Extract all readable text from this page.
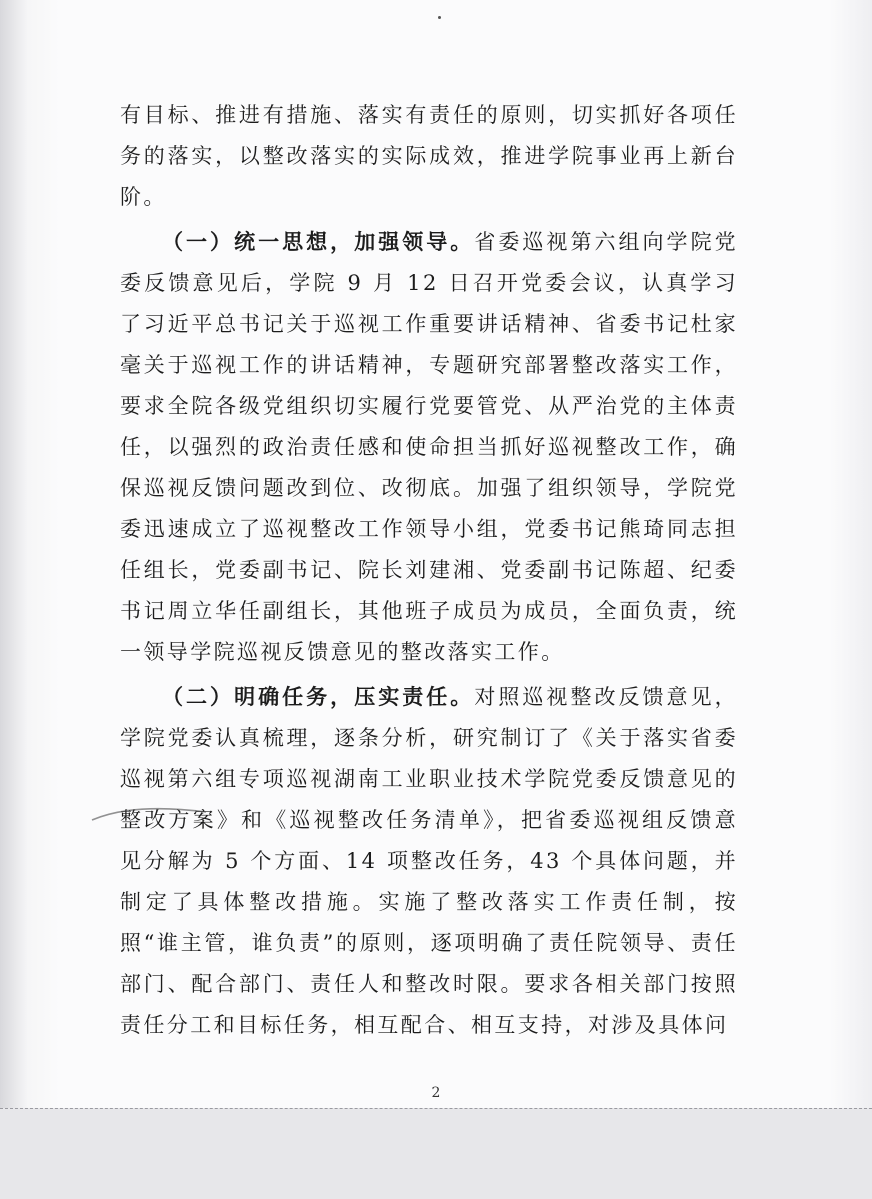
有目标、推进有措施、落实有责任的原则，切实抓好各项任务的落实，以整改落实的实际成效，推进学院事业再上新台阶。

（一）统一思想，加强领导。省委巡视第六组向学院党委反馈意见后，学院 9 月 12 日召开党委会议，认真学习了习近平总书记关于巡视工作重要讲话精神、省委书记杜家毫关于巡视工作的讲话精神，专题研究部署整改落实工作，要求全院各级党组织切实履行党要管党、从严治党的主体责任，以强烈的政治责任感和使命担当抓好巡视整改工作，确保巡视反馈问题改到位、改彻底。加强了组织领导，学院党委迅速成立了巡视整改工作领导小组，党委书记熊琦同志担任组长，党委副书记、院长刘建湘、党委副书记陈超、纪委书记周立华任副组长，其他班子成员为成员，全面负责，统一领导学院巡视反馈意见的整改落实工作。

（二）明确任务，压实责任。对照巡视整改反馈意见，学院党委认真梳理，逐条分析，研究制订了《关于落实省委巡视第六组专项巡视湖南工业职业技术学院党委反馈意见的整改方案》和《巡视整改任务清单》，把省委巡视组反馈意见分解为 5 个方面、14 项整改任务，43 个具体问题，并制定了具体整改措施。实施了整改落实工作责任制，按照“谁主管，谁负责”的原则，逐项明确了责任院领导、责任部门、配合部门、责任人和整改时限。要求各相关部门按照责任分工和目标任务，相互配合、相互支持，对涉及具体问

2
